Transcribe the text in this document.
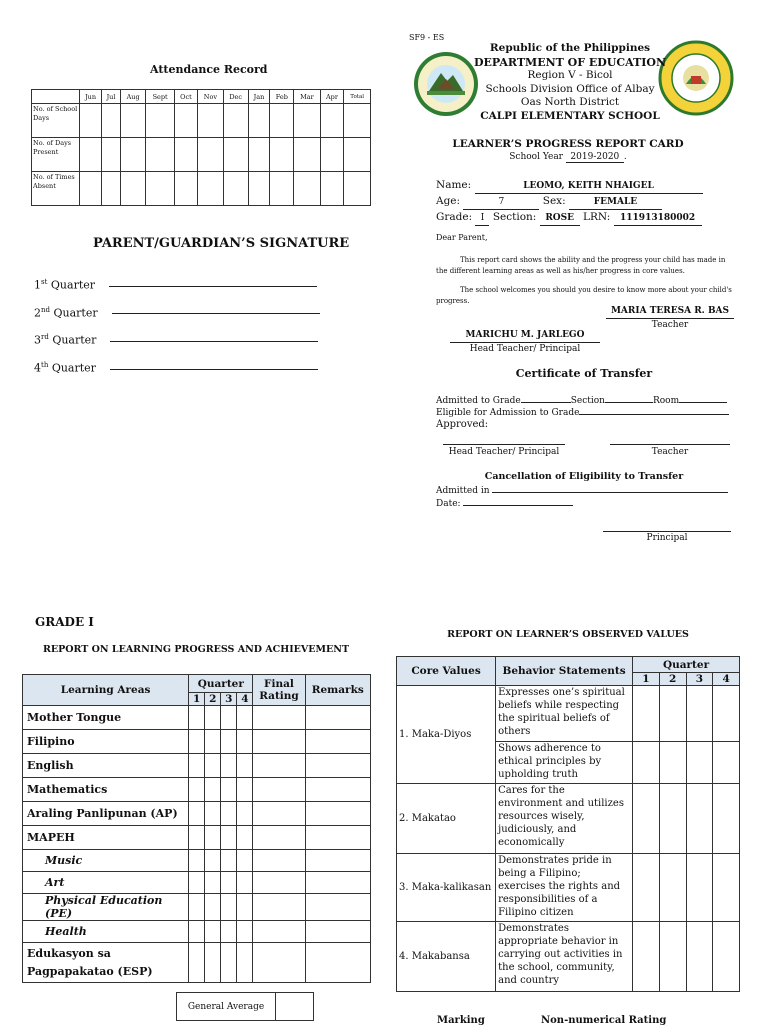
Attendance Record
	Jun	Jul	Aug	Sept	Oct	Nov	Dec	Jan	Feb	Mar	Apr	Total
No. of School Days												
No. of Days Present												
No. of Times Absent												
PARENT/GUARDIAN’S SIGNATURE
1st Quarter
2nd Quarter
3rd Quarter
4th Quarter
SF9 - ES
Republic of the Philippines
DEPARTMENT OF EDUCATION
Region V - Bicol
Schools Division Office of Albay
Oas North District
CALPI ELEMENTARY SCHOOL
LEARNER’S PROGRESS REPORT CARD
School Year 2019-2020 .
Name:	LEOMO, KEITH NHAIGEL
Age:	7	Sex:	FEMALE
Grade: I Section: ROSE LRN: 111913180002
Dear Parent,
This report card shows the ability and the progress your child has made in the different learning areas as well as his/her progress in core values.
The school welcomes you should you desire to know more about your child's progress.
MARIA TERESA R. BAS
Teacher
MARICHU M. JARLEGO
Head Teacher/ Principal
Certificate of Transfer
Admitted to Grade	Section	Room
Eligible for Admission to Grade
Approved:
Head Teacher/ Principal	Teacher
Cancellation of Eligibility to Transfer
Admitted in
Date:
Principal
GRADE I
REPORT ON LEARNING PROGRESS AND ACHIEVEMENT
Learning Areas	Quarter				Final Rating	Remarks
	1	2	3	4		
Mother Tongue						
Filipino						
English						
Mathematics						
Araling Panlipunan (AP)						
MAPEH						
Music						
Art						
Physical Education (PE)						
Health						
Edukasyon sa Pagpapakatao (ESP)						
General Average	
REPORT ON LEARNER’S OBSERVED VALUES
Core Values	Behavior Statements	Quarter			
		1	2	3	4
1. Maka-Diyos	Expresses one’s spiritual beliefs while respecting the spiritual beliefs of others				
	Shows adherence to ethical principles by upholding truth				
2. Makatao	Cares for the environment and utilizes resources wisely, judiciously, and economically				
3. Maka-kalikasan	Demonstrates pride in being a Filipino; exercises the rights and responsibilities of a Filipino citizen				
4. Makabansa	Demonstrates appropriate behavior in carrying out activities in the school, community, and country				
Marking	Non-numerical Rating
